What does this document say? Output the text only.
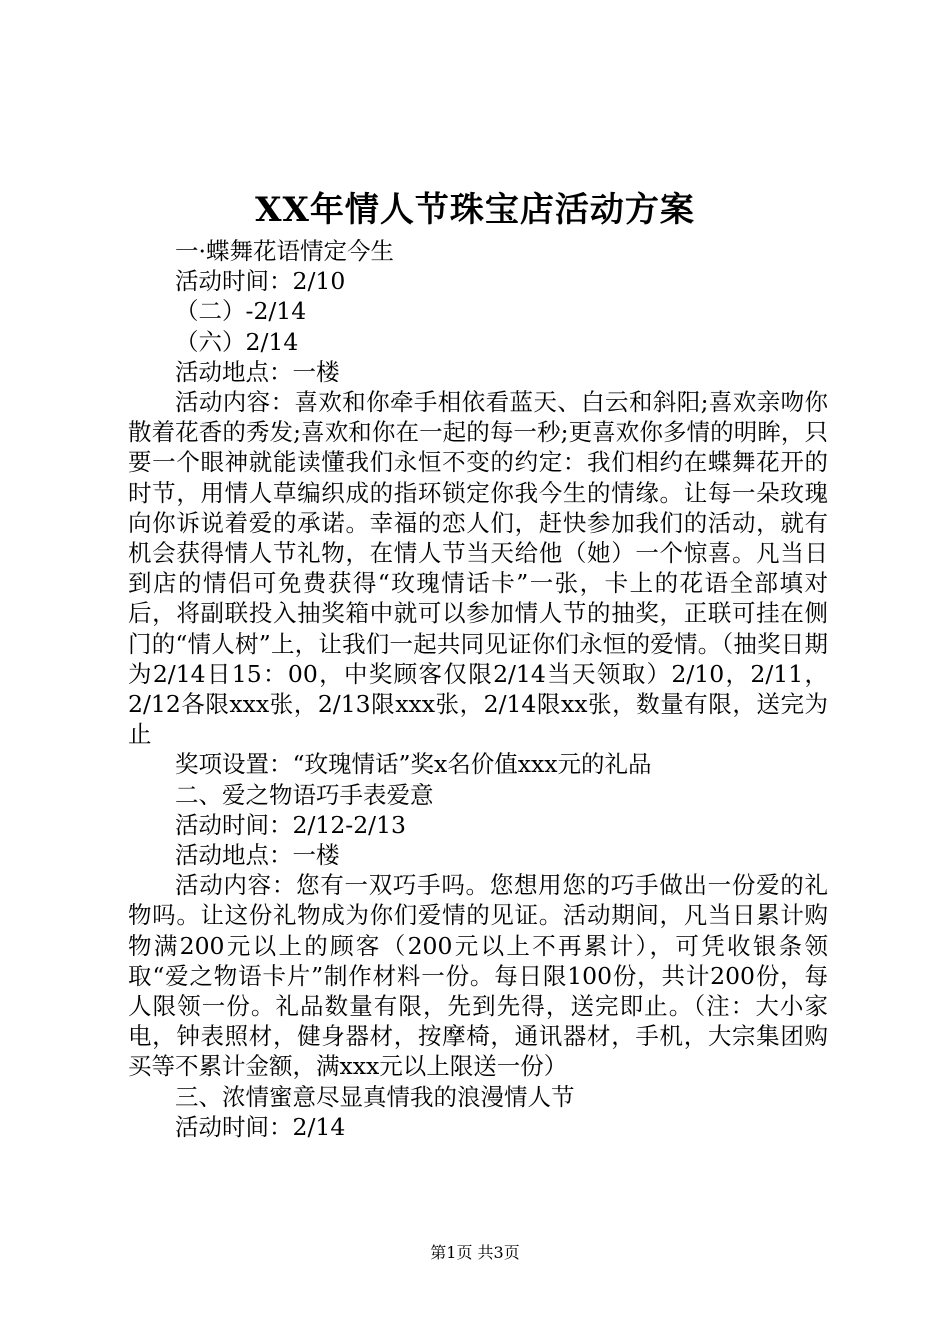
XX年情人节珠宝店活动方案

一·蝶舞花语情定今生

活动时间：2/10

（二）-2/14

（六）2/14

活动地点：一楼

活动内容：喜欢和你牵手相依看蓝天、白云和斜阳;喜欢亲吻你散着花香的秀发;喜欢和你在一起的每一秒;更喜欢你多情的明眸，只要一个眼神就能读懂我们永恒不变的约定：我们相约在蝶舞花开的时节，用情人草编织成的指环锁定你我今生的情缘。让每一朵玫瑰向你诉说着爱的承诺。幸福的恋人们，赶快参加我们的活动，就有机会获得情人节礼物，在情人节当天给他（她）一个惊喜。凡当日到店的情侣可免费获得“玫瑰情话卡”一张，卡上的花语全部填对后，将副联投入抽奖箱中就可以参加情人节的抽奖，正联可挂在侧门的“情人树”上，让我们一起共同见证你们永恒的爱情。（抽奖日期为2/14日15：00，中奖顾客仅限2/14当天领取）2/10，2/11，2/12各限xxx张，2/13限xxx张，2/14限xx张，数量有限，送完为止

奖项设置：“玫瑰情话”奖x名价值xxx元的礼品

二、爱之物语巧手表爱意

活动时间：2/12-2/13

活动地点：一楼

活动内容：您有一双巧手吗。您想用您的巧手做出一份爱的礼物吗。让这份礼物成为你们爱情的见证。活动期间，凡当日累计购物满200元以上的顾客（200元以上不再累计），可凭收银条领取“爱之物语卡片”制作材料一份。每日限100份，共计200份，每人限领一份。礼品数量有限，先到先得，送完即止。（注：大小家电，钟表照材，健身器材，按摩椅，通讯器材，手机，大宗集团购买等不累计金额，满xxx元以上限送一份）

三、浓情蜜意尽显真情我的浪漫情人节

活动时间：2/14

第1页 共3页
